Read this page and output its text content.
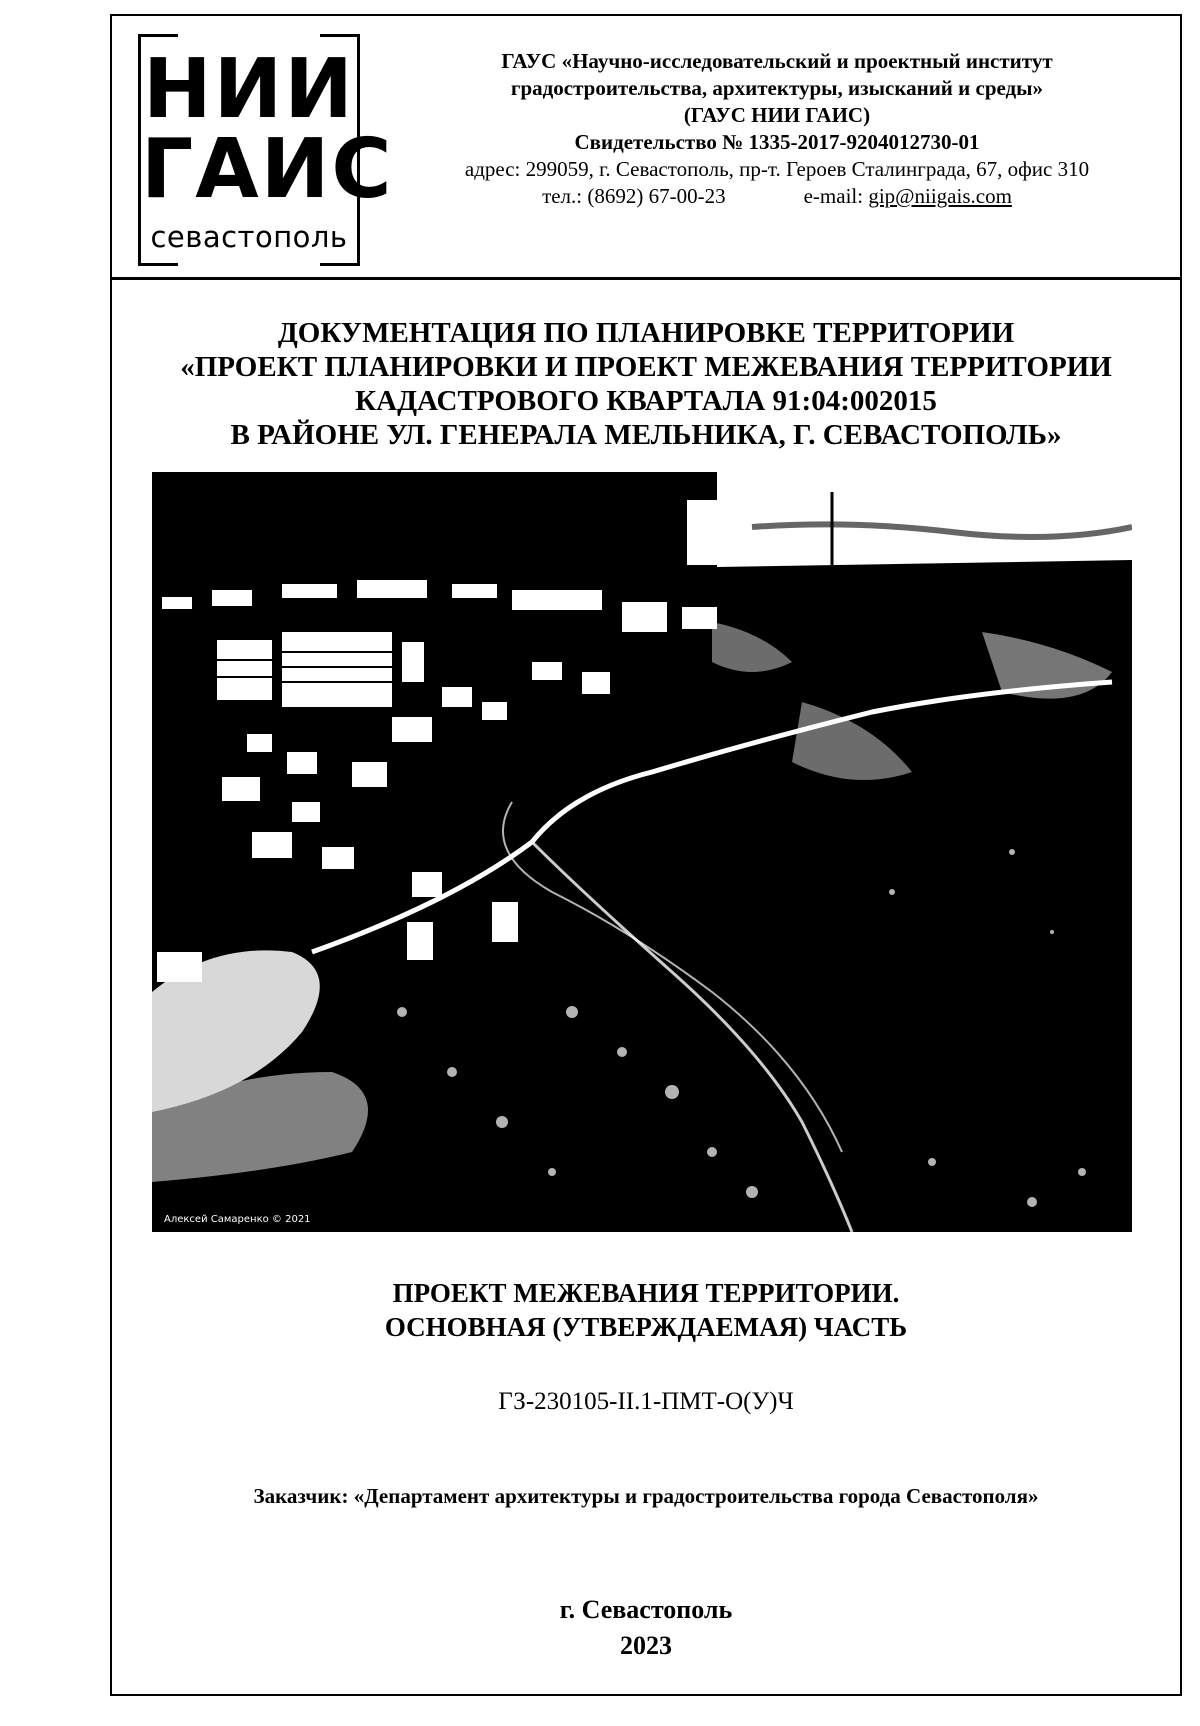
НИИ
ГАИС
севастополь
ГАУС «Научно-исследовательский и проектный институт
градостроительства, архитектуры, изысканий и среды»
(ГАУС НИИ ГАИС)
Свидетельство № 1335-2017-9204012730-01
адрес: 299059, г. Севастополь, пр-т. Героев Сталинграда, 67, офис 310
тел.: (8692) 67-00-23	e-mail: gip@niigais.com
ДОКУМЕНТАЦИЯ ПО ПЛАНИРОВКЕ ТЕРРИТОРИИ
«ПРОЕКТ ПЛАНИРОВКИ И ПРОЕКТ МЕЖЕВАНИЯ ТЕРРИТОРИИ
КАДАСТРОВОГО КВАРТАЛА 91:04:002015
В РАЙОНЕ УЛ. ГЕНЕРАЛА МЕЛЬНИКА, Г. СЕВАСТОПОЛЬ»
Алексей Самаренко © 2021
ПРОЕКТ МЕЖЕВАНИЯ ТЕРРИТОРИИ.
ОСНОВНАЯ (УТВЕРЖДАЕМАЯ) ЧАСТЬ
ГЗ-230105-II.1-ПМТ-О(У)Ч
Заказчик: «Департамент архитектуры и градостроительства города Севастополя»
г. Севастополь
2023
